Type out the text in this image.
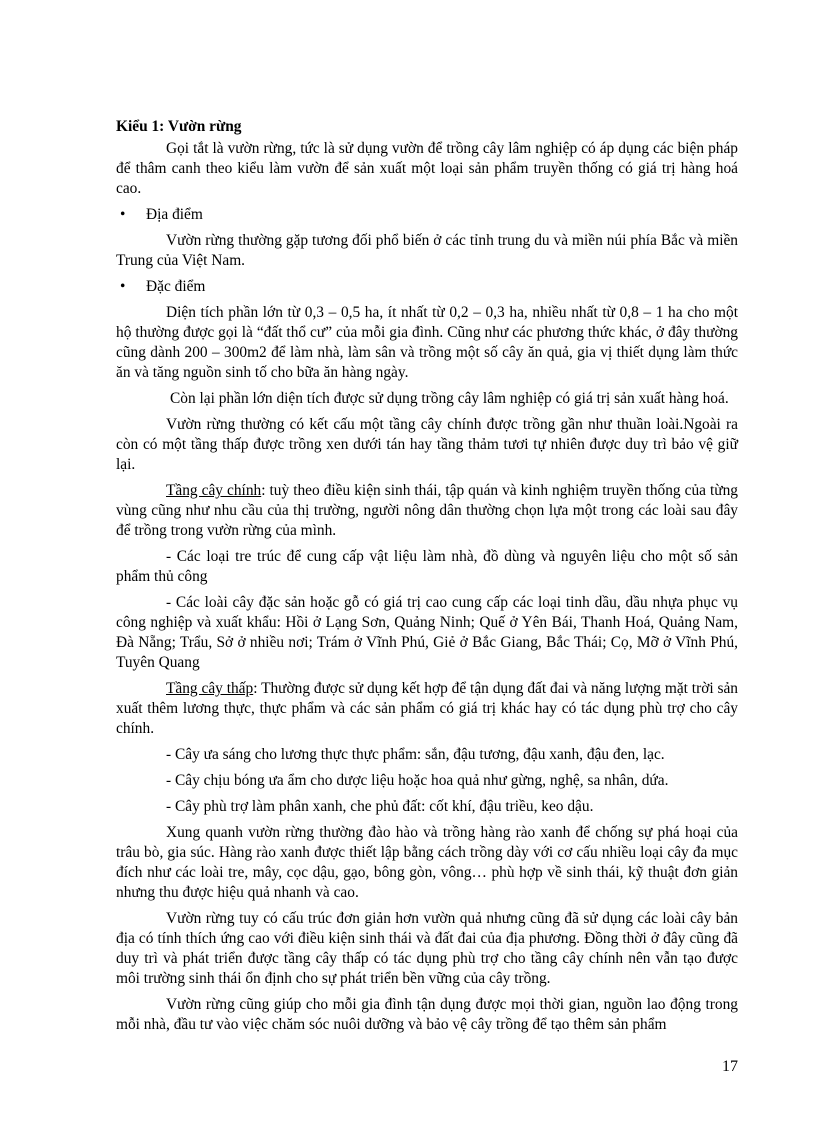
Kiểu 1: Vườn rừng

Gọi tắt là vườn rừng, tức là sử dụng vườn để trồng cây lâm nghiệp có áp dụng các biện pháp để thâm canh theo kiểu làm vườn để sản xuất một loại sản phẩm truyền thống có giá trị hàng hoá cao.

• Địa điểm

Vườn rừng thường gặp tương đối phổ biến ở các tỉnh trung du và miền núi phía Bắc và miền Trung của Việt Nam.

• Đặc điểm

Diện tích phần lớn từ 0,3 – 0,5 ha, ít nhất từ 0,2 – 0,3 ha, nhiều nhất từ 0,8 – 1 ha cho một hộ thường được gọi là “đất thổ cư” của mỗi gia đình. Cũng như các phương thức khác, ở đây thường cũng dành 200 – 300m2 để làm nhà, làm sân và trồng một số cây ăn quả, gia vị thiết dụng làm thức ăn và tăng nguồn sinh tố cho bữa ăn hàng ngày.

Còn lại phần lớn diện tích được sử dụng trồng cây lâm nghiệp có giá trị sản xuất hàng hoá.

Vườn rừng thường có kết cấu một tầng cây chính được trồng gần như thuần loài.Ngoài ra còn có một tầng thấp được trồng xen dưới tán hay tầng thảm tươi tự nhiên được duy trì bảo vệ giữ lại.

Tầng cây chính: tuỳ theo điều kiện sinh thái, tập quán và kinh nghiệm truyền thống của từng vùng cũng như nhu cầu của thị trường, người nông dân thường chọn lựa một trong các loài sau đây để trồng trong vườn rừng của mình.

- Các loại tre trúc để cung cấp vật liệu làm nhà, đồ dùng và nguyên liệu cho một số sản phẩm thủ công

- Các loài cây đặc sản hoặc gỗ có giá trị cao cung cấp các loại tinh dầu, dầu nhựa phục vụ công nghiệp và xuất khẩu: Hồi ở Lạng Sơn, Quảng Ninh; Quế ở Yên Bái, Thanh Hoá, Quảng Nam, Đà Nẵng; Trẩu, Sở ở nhiều nơi; Trám ở Vĩnh Phú, Giẻ ở Bắc Giang, Bắc Thái; Cọ, Mỡ ở Vĩnh Phú, Tuyên Quang

Tầng cây thấp: Thường được sử dụng kết hợp để tận dụng đất đai và năng lượng mặt trời sản xuất thêm lương thực, thực phẩm và các sản phẩm có giá trị khác hay có tác dụng phù trợ cho cây chính.

- Cây ưa sáng cho lương thực thực phẩm: sắn, đậu tương, đậu xanh, đậu đen, lạc.

- Cây chịu bóng ưa ẩm cho dược liệu hoặc hoa quả như gừng, nghệ, sa nhân, dứa.

- Cây phù trợ làm phân xanh, che phủ đất: cốt khí, đậu triều, keo dậu.

Xung quanh vườn rừng thường đào hào và trồng hàng rào xanh để chống sự phá hoại của trâu bò, gia súc. Hàng rào xanh được thiết lập bằng cách trồng dày với cơ cấu nhiều loại cây đa mục đích như các loài tre, mây, cọc dậu, gạo, bông gòn, vông… phù hợp về sinh thái, kỹ thuật đơn giản nhưng thu được hiệu quả nhanh và cao.

Vườn rừng tuy có cấu trúc đơn giản hơn vườn quả nhưng cũng đã sử dụng các loài cây bản địa có tính thích ứng cao với điều kiện sinh thái và đất đai của địa phương. Đồng thời ở đây cũng đã duy trì và phát triển được tầng cây thấp có tác dụng phù trợ cho tầng cây chính nên vẫn tạo được môi trường sinh thái ổn định cho sự phát triển bền vững của cây trồng.

Vườn rừng cũng giúp cho mỗi gia đình tận dụng được mọi thời gian, nguồn lao động trong mỗi nhà, đầu tư vào việc chăm sóc nuôi dưỡng và bảo vệ cây trồng để tạo thêm sản phẩm

17
